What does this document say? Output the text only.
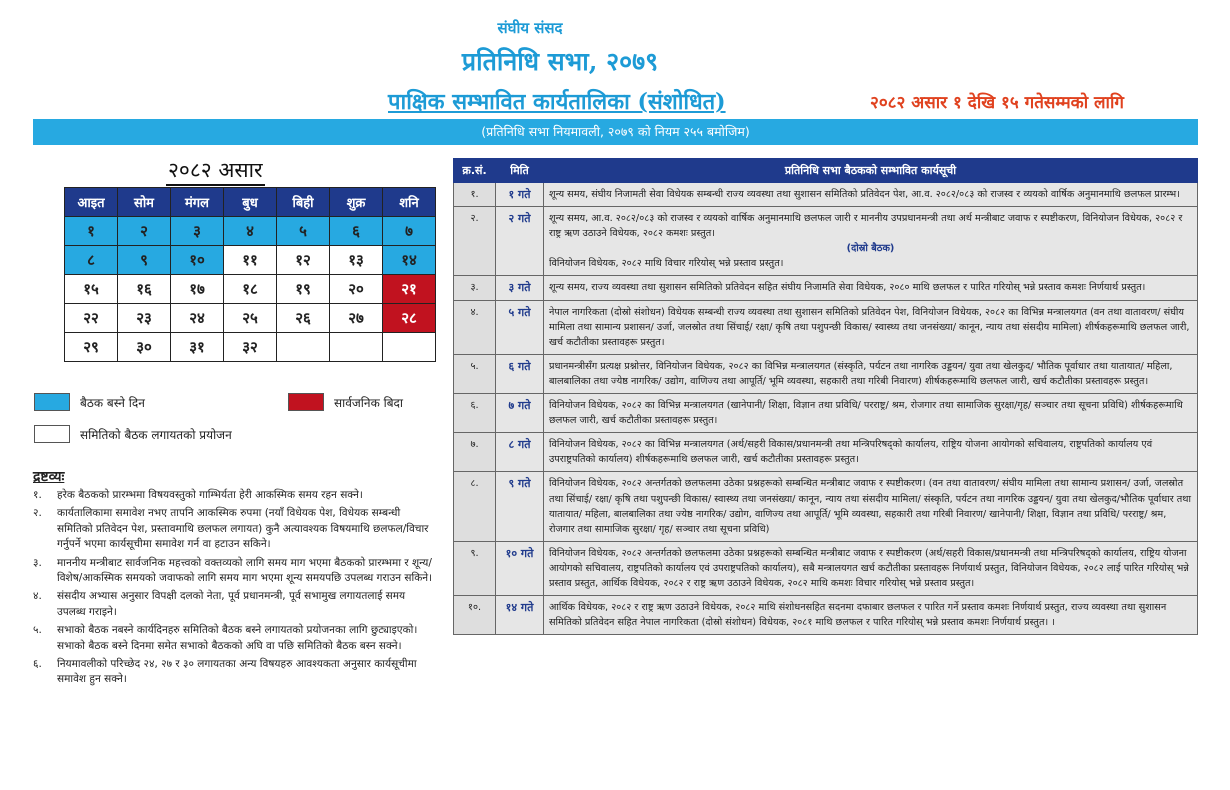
संघीय संसद
प्रतिनिधि सभा, २०७९
पाक्षिक सम्भावित कार्यतालिका (संशोधित)	२०८२ असार १ देखि १५ गतेसम्मको लागि
(प्रतिनिधि सभा नियमावली, २०७९ को नियम २५५ बमोजिम)
२०८२ असार
आइत	सोम	मंगल	बुध	बिही	शुक्र	शनि
१	२	३	४	५	६	७
८	९	१०	११	१२	१३	१४
१५	१६	१७	१८	१९	२०	२१
२२	२३	२४	२५	२६	२७	२८
२९	३०	३१	३२			
बैठक बस्ने दिन	सार्वजनिक बिदा
समितिको बैठक लगायतको प्रयोजन
द्रष्टव्यः
१.	हरेक बैठकको प्रारम्भमा विषयवस्तुको गाम्भिर्यता हेरी आकस्मिक समय रहन सक्ने।
२.	कार्यतालिकामा समावेश नभए तापनि आकस्मिक रुपमा (नयाँ विधेयक पेश, विधेयक सम्बन्धी समितिको प्रतिवेदन पेश, प्रस्तावमाथि छलफल लगायत) कुनै अत्यावश्यक विषयमाथि छलफल/विचार गर्नुपर्ने भएमा कार्यसूचीमा समावेश गर्न वा हटाउन सकिने।
३.	माननीय मन्त्रीबाट सार्वजनिक महत्त्वको वक्तव्यको लागि समय माग भएमा बैठकको प्रारम्भमा र शून्य/विशेष/आकस्मिक समयको जवाफको लागि समय माग भएमा शून्य समयपछि उपलब्ध गराउन सकिने।
४.	संसदीय अभ्यास अनुसार विपक्षी दलको नेता, पूर्व प्रधानमन्त्री, पूर्व सभामुख लगायतलाई समय उपलब्ध गराइने।
५.	सभाको बैठक नबस्ने कार्यदिनहरु समितिको बैठक बस्ने लगायतको प्रयोजनका लागि छुट्याइएको। सभाको बैठक बस्ने दिनमा समेत सभाको बैठकको अघि वा पछि समितिको बैठक बस्न सक्ने।
६.	नियमावलीको परिच्छेद २४, २७ र ३० लगायतका अन्य विषयहरु आवश्यकता अनुसार कार्यसूचीमा समावेश हुन सक्ने।
क्र.सं.	मिति	प्रतिनिधि सभा बैठकको सम्भावित कार्यसूची
१.	१ गते	शून्य समय, संघीय निजामती सेवा विधेयक सम्बन्धी राज्य व्यवस्था तथा सुशासन समितिको प्रतिवेदन पेश, आ.व. २०८२/०८३ को राजस्व र व्ययको वार्षिक अनुमानमाथि छलफल प्रारम्भ।

२.	२ गते	शून्य समय, आ.व. २०८२/०८३ को राजस्व र व्ययको वार्षिक अनुमानमाथि छलफल जारी र माननीय उपप्रधानमन्त्री तथा अर्थ मन्त्रीबाट जवाफ र स्पष्टीकरण, विनियोजन विधेयक, २०८२ र राष्ट्र ऋण उठाउने विधेयक, २०८२ कमशः प्रस्तुत।
(दोस्रो बैठक)
विनियोजन विधेयक, २०८२ माथि विचार गरियोस् भन्ने प्रस्ताव प्रस्तुत।

३.	३ गते	शून्य समय, राज्य व्यवस्था तथा सुशासन समितिको प्रतिवेदन सहित संघीय निजामति सेवा विधेयक, २०८० माथि छलफल र पारित गरियोस् भन्ने प्रस्ताव कमशः निर्णयार्थ प्रस्तुत।

४.	५ गते	नेपाल नागरिकता (दोस्रो संशोधन) विधेयक सम्बन्धी राज्य व्यवस्था तथा सुशासन समितिको प्रतिवेदन पेश, विनियोजन विधेयक, २०८२ का विभिन्न मन्त्रालयगत (वन तथा वातावरण/ संघीय मामिला तथा सामान्य प्रशासन/ उर्जा, जलस्रोत तथा सिंचाई/ रक्षा/ कृषि तथा पशुपन्छी विकास/ स्वास्थ्य तथा जनसंख्या/ कानून, न्याय तथा संसदीय मामिला) शीर्षकहरूमाथि छलफल जारी, खर्च कटौतीका प्रस्तावहरू प्रस्तुत।

५.	६ गते	प्रधानमन्त्रीसँग प्रत्यक्ष प्रश्नोत्तर, विनियोजन विधेयक, २०८२ का विभिन्न मन्त्रालयगत (संस्कृति, पर्यटन तथा नागरिक उड्डयन/ युवा तथा खेलकुद/ भौतिक पूर्वाधार तथा यातायात/ महिला, बालबालिका तथा ज्येष्ठ नागरिक/ उद्योग, वाणिज्य तथा आपूर्ति/ भूमि व्यवस्था, सहकारी तथा गरिबी निवारण) शीर्षकहरूमाथि छलफल जारी, खर्च कटौतीका प्रस्तावहरू प्रस्तुत।

६.	७ गते	विनियोजन विधेयक, २०८२ का विभिन्न मन्त्रालयगत (खानेपानी/ शिक्षा, विज्ञान तथा प्रविधि/ परराष्ट्र/ श्रम, रोजगार तथा सामाजिक सुरक्षा/गृह/ सञ्चार तथा सूचना प्रविधि) शीर्षकहरूमाथि छलफल जारी, खर्च कटौतीका प्रस्तावहरू प्रस्तुत।

७.	८ गते	विनियोजन विधेयक, २०८२ का विभिन्न मन्त्रालयगत (अर्थ/सहरी विकास/प्रधानमन्त्री तथा मन्त्रिपरिषद्को कार्यालय, राष्ट्रिय योजना आयोगको सचिवालय, राष्ट्रपतिको कार्यालय एवं उपराष्ट्रपतिको कार्यालय) शीर्षकहरूमाथि छलफल जारी, खर्च कटौतीका प्रस्तावहरू प्रस्तुत।

८.	९ गते	विनियोजन विधेयक, २०८२ अन्तर्गतको छलफलमा उठेका प्रश्नहरूको सम्बन्धित मन्त्रीबाट जवाफ र स्पष्टीकरण। (वन तथा वातावरण/ संघीय मामिला तथा सामान्य प्रशासन/ उर्जा, जलस्रोत तथा सिंचाई/ रक्षा/ कृषि तथा पशुपन्छी विकास/ स्वास्थ्य तथा जनसंख्या/ कानून, न्याय तथा संसदीय मामिला/ संस्कृति, पर्यटन तथा नागरिक उड्डयन/ युवा तथा खेलकुद/भौतिक पूर्वाधार तथा यातायात/ महिला, बालबालिका तथा ज्येष्ठ नागरिक/ उद्योग, वाणिज्य तथा आपूर्ति/ भूमि व्यवस्था, सहकारी तथा गरिबी निवारण/ खानेपानी/ शिक्षा, विज्ञान तथा प्रविधि/ परराष्ट्र/ श्रम, रोजगार तथा सामाजिक सुरक्षा/ गृह/ सञ्चार तथा सूचना प्रविधि)

९.	१० गते	विनियोजन विधेयक, २०८२ अन्तर्गतको छलफलमा उठेका प्रश्नहरूको सम्बन्धित मन्त्रीबाट जवाफ र स्पष्टीकरण (अर्थ/सहरी विकास/प्रधानमन्त्री तथा मन्त्रिपरिषद्को कार्यालय, राष्ट्रिय योजना आयोगको सचिवालय, राष्ट्रपतिको कार्यालय एवं उपराष्ट्रपतिको कार्यालय), सबै मन्त्रालयगत खर्च कटौतीका प्रस्तावहरू निर्णयार्थ प्रस्तुत, विनियोजन विधेयक, २०८२ लाई पारित गरियोस् भन्ने प्रस्ताव प्रस्तुत, आर्थिक विधेयक, २०८२ र राष्ट्र ऋण उठाउने विधेयक, २०८२ माथि कमशः विचार गरियोस् भन्ने प्रस्ताव प्रस्तुत।

१०.	१४ गते	आर्थिक विधेयक, २०८२ र राष्ट्र ऋण उठाउने विधेयक, २०८२ माथि संशोधनसहित सदनमा दफाबार छलफल र पारित गर्ने प्रस्ताव कमशः निर्णयार्थ प्रस्तुत, राज्य व्यवस्था तथा सुशासन समितिको प्रतिवेदन सहित नेपाल नागरिकता (दोस्रो संशोधन) विधेयक, २०८१ माथि छलफल र पारित गरियोस् भन्ने प्रस्ताव कमशः निर्णयार्थ प्रस्तुत। ।
